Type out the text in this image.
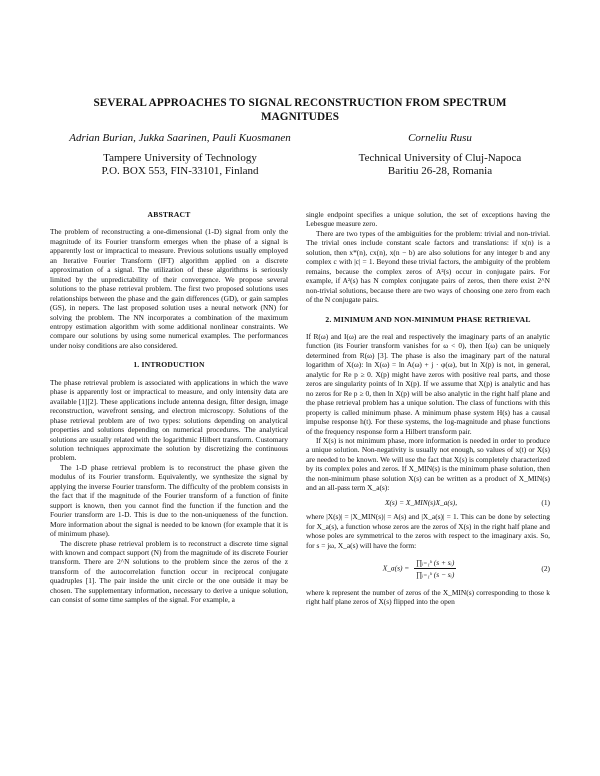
SEVERAL APPROACHES TO SIGNAL RECONSTRUCTION FROM SPECTRUM MAGNITUDES
Adrian Burian, Jukka Saarinen, Pauli Kuosmanen	Corneliu Rusu
Tampere University of Technology
P.O. BOX 553, FIN-33101, Finland
Technical University of Cluj-Napoca
Baritiu 26-28, Romania
ABSTRACT

The problem of reconstructing a one-dimensional (1-D) signal from only the magnitude of its Fourier transform emerges when the phase of a signal is apparently lost or impractical to measure. Previous solutions usually employed an Iterative Fourier Transform (IFT) algorithm applied on a discrete approximation of a signal. The utilization of these algorithms is seriously limited by the unpredictability of their convergence. We propose several solutions to the phase retrieval problem. The first two proposed solutions uses relationships between the phase and the gain differences (GD), or gain samples (GS), in nepers. The last proposed solution uses a neural network (NN) for solving the problem. The NN incorporates a combination of the maximum entropy estimation algorithm with some additional nonlinear constraints. We compare our solutions by using some numerical examples. The performances under noisy conditions are also considered.

1. INTRODUCTION

The phase retrieval problem is associated with applications in which the wave phase is apparently lost or impractical to measure, and only intensity data are available [1][2]. These applications include antenna design, filter design, image reconstruction, wavefront sensing, and electron microscopy. Solutions of the phase retrieval problem are of two types: solutions depending on analytical properties and solutions depending on numerical procedures. The analytical solutions are usually related with the logarithmic Hilbert transform. Customary solution techniques approximate the solution by discretizing the continuous problem.

The 1-D phase retrieval problem is to reconstruct the phase given the modulus of its Fourier transform. Equivalently, we synthesize the signal by applying the inverse Fourier transform. The difficulty of the problem consists in the fact that if the magnitude of the Fourier transform of a function of finite support is known, then you cannot find the function if the function and the Fourier transform are 1-D. This is due to the non-uniqueness of the function. More information about the signal is needed to be known (for example that it is of minimum phase).

The discrete phase retrieval problem is to reconstruct a discrete time signal with known and compact support (N) from the magnitude of its discrete Fourier transform. There are 2^N solutions to the problem since the zeros of the z transform of the autocorrelation function occur in reciprocal conjugate quadruples [1]. The pair inside the unit circle or the one outside it may be chosen. The supplementary information, necessary to derive a unique solution, can consist of some time samples of the signal. For example, a

single endpoint specifies a unique solution, the set of exceptions having the Lebesgue measure zero.

There are two types of the ambiguities for the problem: trivial and non-trivial. The trivial ones include constant scale factors and translations: if x(n) is a solution, then x*(n), cx(n), x(n − b) are also solutions for any integer b and any complex c with |c| = 1. Beyond these trivial factors, the ambiguity of the problem remains, because the complex zeros of A²(s) occur in conjugate pairs. For example, if A²(s) has N complex conjugate pairs of zeros, then there exist 2^N non-trivial solutions, because there are two ways of choosing one zero from each of the N conjugate pairs.

2. MINIMUM AND NON-MINIMUM PHASE RETRIEVAL

If R(ω) and I(ω) are the real and respectively the imaginary parts of an analytic function (its Fourier transform vanishes for ω < 0), then I(ω) can be uniquely determined from R(ω) [3]. The phase is also the imaginary part of the natural logarithm of X(ω): ln X(ω) = ln A(ω) + j · φ(ω), but ln X(p) is not, in general, analytic for Re p ≥ 0. X(p) might have zeros with positive real parts, and those zeros are singularity points of ln X(p). If we assume that X(p) is analytic and has no zeros for Re p ≥ 0, then ln X(p) will be also analytic in the right half plane and the phase retrieval problem has a unique solution. The class of functions with this property is called minimum phase. A minimum phase system H(s) has a causal impulse response h(t). For these systems, the log-magnitude and phase functions of the frequency response form a Hilbert transform pair.

If X(s) is not minimum phase, more information is needed in order to produce a unique solution. Non-negativity is usually not enough, so values of x(t) or X(s) are needed to be known. We will use the fact that X(s) is completely characterized by its complex poles and zeros. If X_MIN(s) is the minimum phase solution, then the non-minimum phase solution X(s) can be written as a product of X_MIN(s) and an all-pass term X_a(s):

X(s) = X_MIN(s)X_a(s),	(1)

where |X(s)| = |X_MIN(s)| = A(s) and |X_a(s)| = 1. This can be done by selecting for X_a(s), a function whose zeros are the zeros of X(s) in the right half plane and whose poles are symmetrical to the zeros with respect to the imaginary axis. So, for s = jω, X_a(s) will have the form:

X_a(s) = $\frac{\text{∏ᵢ₌₁ᵏ (s + sᵢ)}}{\text{∏ᵢ₌₁ᵏ (s − sᵢ)}}$	(2)

where k represent the number of zeros of the X_MIN(s) corresponding to those k right half plane zeros of X(s) flipped into the open
